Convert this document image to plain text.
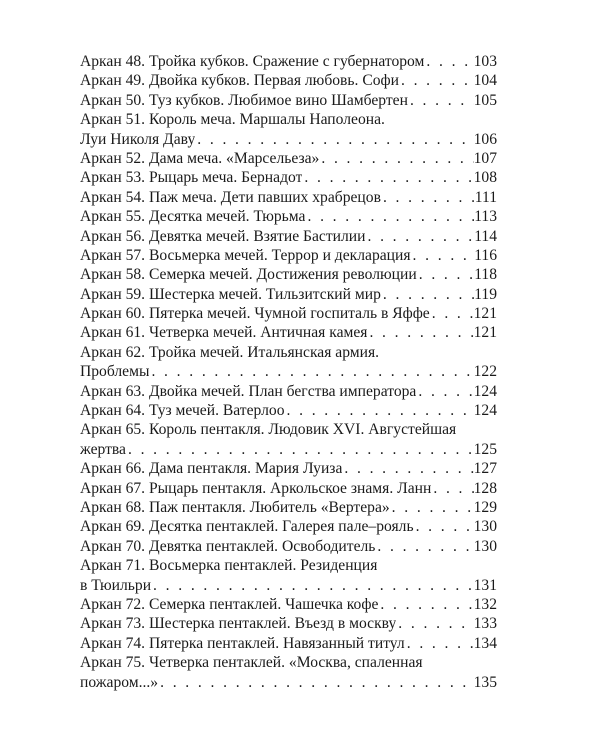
Аркан 48. Тройка кубков. Сражение с губернатором . . .	103
Аркан 49. Двойка кубков. Первая любовь. Софи . . .	104
Аркан 50. Туз кубков. Любимое вино Шамбертен . . .	105
Аркан 51. Король меча. Маршалы Наполеона.
Луи Николя Даву . . .	106
Аркан 52. Дама меча. «Марсельеза» . . .	107
Аркан 53. Рыцарь меча. Бернадот . . .	108
Аркан 54. Паж меча. Дети павших храбрецов . . .	111
Аркан 55. Десятка мечей. Тюрьма . . .	113
Аркан 56. Девятка мечей. Взятие Бастилии . . .	114
Аркан 57. Восьмерка мечей. Террор и декларация . . .	116
Аркан 58. Семерка мечей. Достижения революции . . .	118
Аркан 59. Шестерка мечей. Тильзитский мир . . .	119
Аркан 60. Пятерка мечей. Чумной госпиталь в Яффе . . .	121
Аркан 61. Четверка мечей. Античная камея . . .	121
Аркан 62. Тройка мечей. Итальянская армия.
Проблемы . . .	122
Аркан 63. Двойка мечей. План бегства императора . . .	124
Аркан 64. Туз мечей. Ватерлоо . . .	124
Аркан 65. Король пентакля. Людовик XVI. Августейшая
жертва . . .	125
Аркан 66. Дама пентакля. Мария Луиза . . .	127
Аркан 67. Рыцарь пентакля. Аркольское знамя. Ланн . . .	128
Аркан 68. Паж пентакля. Любитель «Вертера» . . .	129
Аркан 69. Десятка пентаклей. Галерея пале–рояль . . .	130
Аркан 70. Девятка пентаклей. Освободитель . . .	130
Аркан 71. Восьмерка пентаклей. Резиденция
в Тюильри . . .	131
Аркан 72. Семерка пентаклей. Чашечка кофе . . .	132
Аркан 73. Шестерка пентаклей. Въезд в москву . . .	133
Аркан 74. Пятерка пентаклей. Навязанный титул . . .	134
Аркан 75. Четверка пентаклей. «Москва, спаленная
пожаром...» . . .	135
